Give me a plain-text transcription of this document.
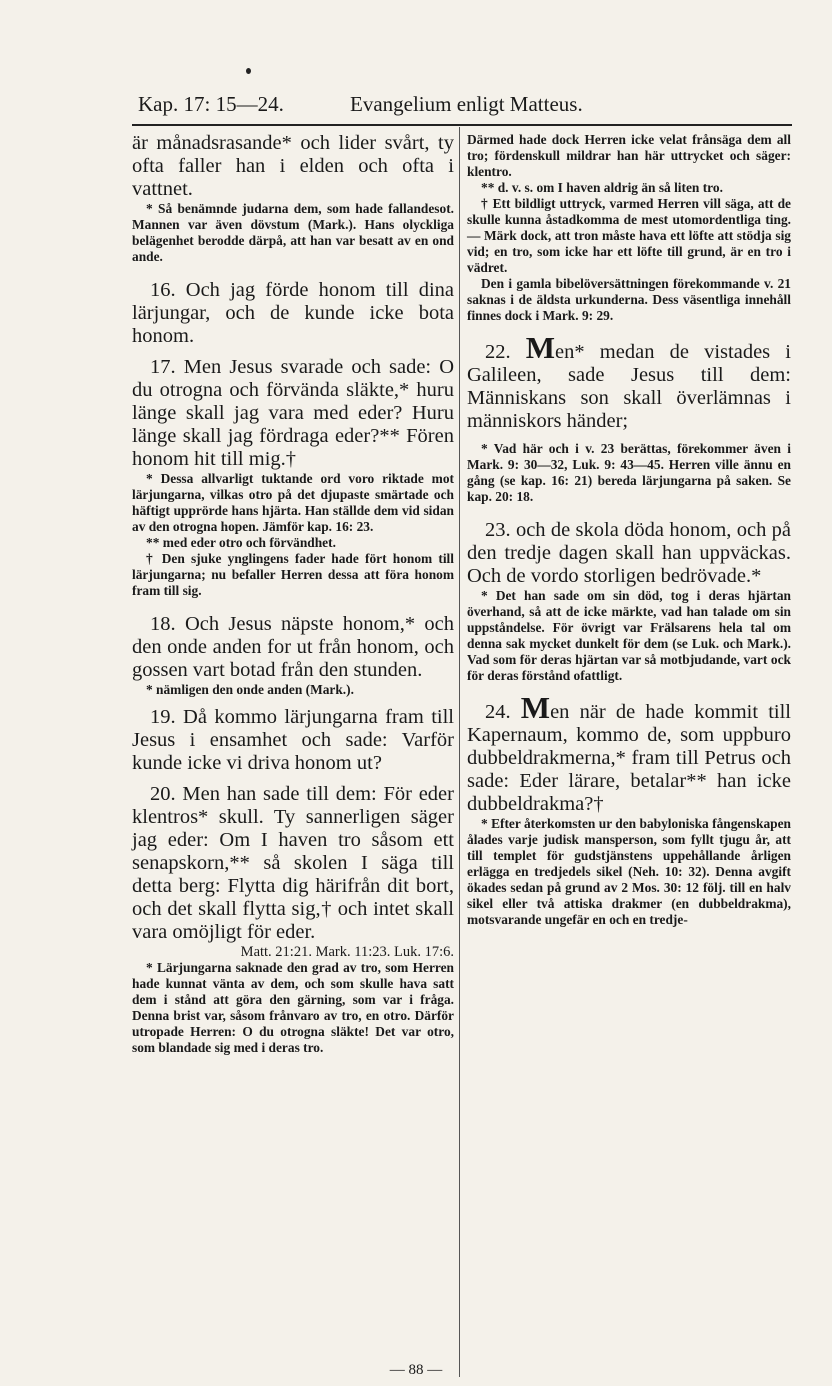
Kap. 17: 15—24.	Evangelium enligt Matteus.

är månadsrasande* och lider svårt, ty ofta faller han i elden och ofta i vattnet.

* Så benämnde judarna dem, som hade fallandesot. Mannen var även dövstum (Mark.). Hans olyckliga belägenhet berodde därpå, att han var besatt av en ond ande.

16. Och jag förde honom till dina lärjungar, och de kunde icke bota honom.

17. Men Jesus svarade och sade: O du otrogna och förvända släkte,* huru länge skall jag vara med eder? Huru länge skall jag fördraga eder?** Fören honom hit till mig.†

* Dessa allvarligt tuktande ord voro riktade mot lärjungarna, vilkas otro på det djupaste smärtade och häftigt upprörde hans hjärta. Han ställde dem vid sidan av den otrogna hopen. Jämför kap. 16: 23.

** med eder otro och förvändhet.

† Den sjuke ynglingens fader hade fört honom till lärjungarna; nu befaller Herren dessa att föra honom fram till sig.

18. Och Jesus näpste honom,* och den onde anden for ut från honom, och gossen vart botad från den stunden.

* nämligen den onde anden (Mark.).

19. Då kommo lärjungarna fram till Jesus i ensamhet och sade: Varför kunde icke vi driva honom ut?

20. Men han sade till dem: För eder klentros* skull. Ty sannerligen säger jag eder: Om I haven tro såsom ett senapskorn,** så skolen I säga till detta berg: Flytta dig härifrån dit bort, och det skall flytta sig,† och intet skall vara omöjligt för eder.

Matt. 21:21. Mark. 11:23. Luk. 17:6.

* Lärjungarna saknade den grad av tro, som Herren hade kunnat vänta av dem, och som skulle hava satt dem i stånd att göra den gärning, som var i fråga. Denna brist var, såsom frånvaro av tro, en otro. Därför utropade Herren: O du otrogna släkte! Det var otro, som blandade sig med i deras tro.

Därmed hade dock Herren icke velat frånsäga dem all tro; fördenskull mildrar han här uttrycket och säger: klentro.

** d. v. s. om I haven aldrig än så liten tro.

† Ett bildligt uttryck, varmed Herren vill säga, att de skulle kunna åstadkomma de mest utomordentliga ting. — Märk dock, att tron måste hava ett löfte att stödja sig vid; en tro, som icke har ett löfte till grund, är en tro i vädret.

Den i gamla bibelöversättningen förekommande v. 21 saknas i de äldsta urkunderna. Dess väsentliga innehåll finnes dock i Mark. 9: 29.

22. Men* medan de vistades i Galileen, sade Jesus till dem: Människans son skall överlämnas i människors händer;

* Vad här och i v. 23 berättas, förekommer även i Mark. 9: 30—32, Luk. 9: 43—45. Herren ville ännu en gång (se kap. 16: 21) bereda lärjungarna på saken. Se kap. 20: 18.

23. och de skola döda honom, och på den tredje dagen skall han uppväckas. Och de vordo storligen bedrövade.*

* Det han sade om sin död, tog i deras hjärtan överhand, så att de icke märkte, vad han talade om sin uppståndelse. För övrigt var Frälsarens hela tal om denna sak mycket dunkelt för dem (se Luk. och Mark.). Vad som för deras hjärtan var så motbjudande, vart ock för deras förstånd ofattligt.

24. Men när de hade kommit till Kapernaum, kommo de, som uppburo dubbeldrakmerna,* fram till Petrus och sade: Eder lärare, betalar** han icke dubbeldrakma?†

* Efter återkomsten ur den babyloniska fångenskapen ålades varje judisk mansperson, som fyllt tjugu år, att till templet för gudstjänstens uppehållande årligen erlägga en tredjedels sikel (Neh. 10: 32). Denna avgift ökades sedan på grund av 2 Mos. 30: 12 följ. till en halv sikel eller två attiska drakmer (en dubbeldrakma), motsvarande ungefär en och en tredje-

— 88 —
